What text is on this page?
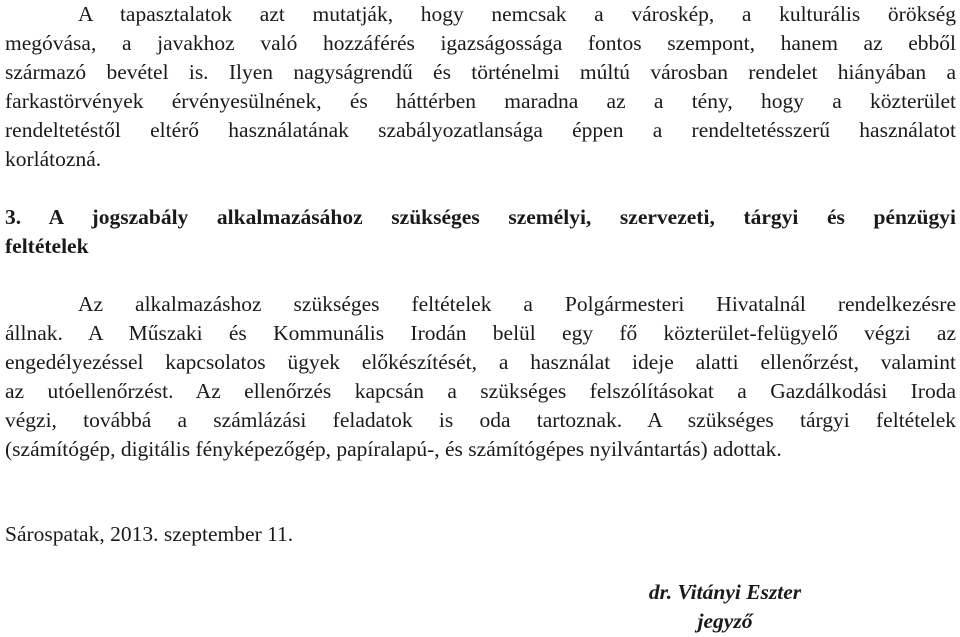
A tapasztalatok azt mutatják, hogy nemcsak a városkép, a kulturális örökség
megóvása, a javakhoz való hozzáférés igazságossága fontos szempont, hanem az ebből
származó bevétel is. Ilyen nagyságrendű és történelmi múltú városban rendelet hiányában a
farkastörvények érvényesülnének, és háttérben maradna az a tény, hogy a közterület
rendeltetéstől eltérő használatának szabályozatlansága éppen a rendeltetésszerű használatot
korlátozná.
3. A jogszabály alkalmazásához szükséges személyi, szervezeti, tárgyi és pénzügyi
feltételek
Az alkalmazáshoz szükséges feltételek a Polgármesteri Hivatalnál rendelkezésre
állnak. A Műszaki és Kommunális Irodán belül egy fő közterület-felügyelő végzi az
engedélyezéssel kapcsolatos ügyek előkészítését, a használat ideje alatti ellenőrzést, valamint
az utóellenőrzést. Az ellenőrzés kapcsán a szükséges felszólításokat a Gazdálkodási Iroda
végzi, továbbá a számlázási feladatok is oda tartoznak. A szükséges tárgyi feltételek
(számítógép, digitális fényképezőgép, papíralapú-, és számítógépes nyilvántartás) adottak.
Sárospatak, 2013. szeptember 11.
dr. Vitányi Eszter
jegyző
